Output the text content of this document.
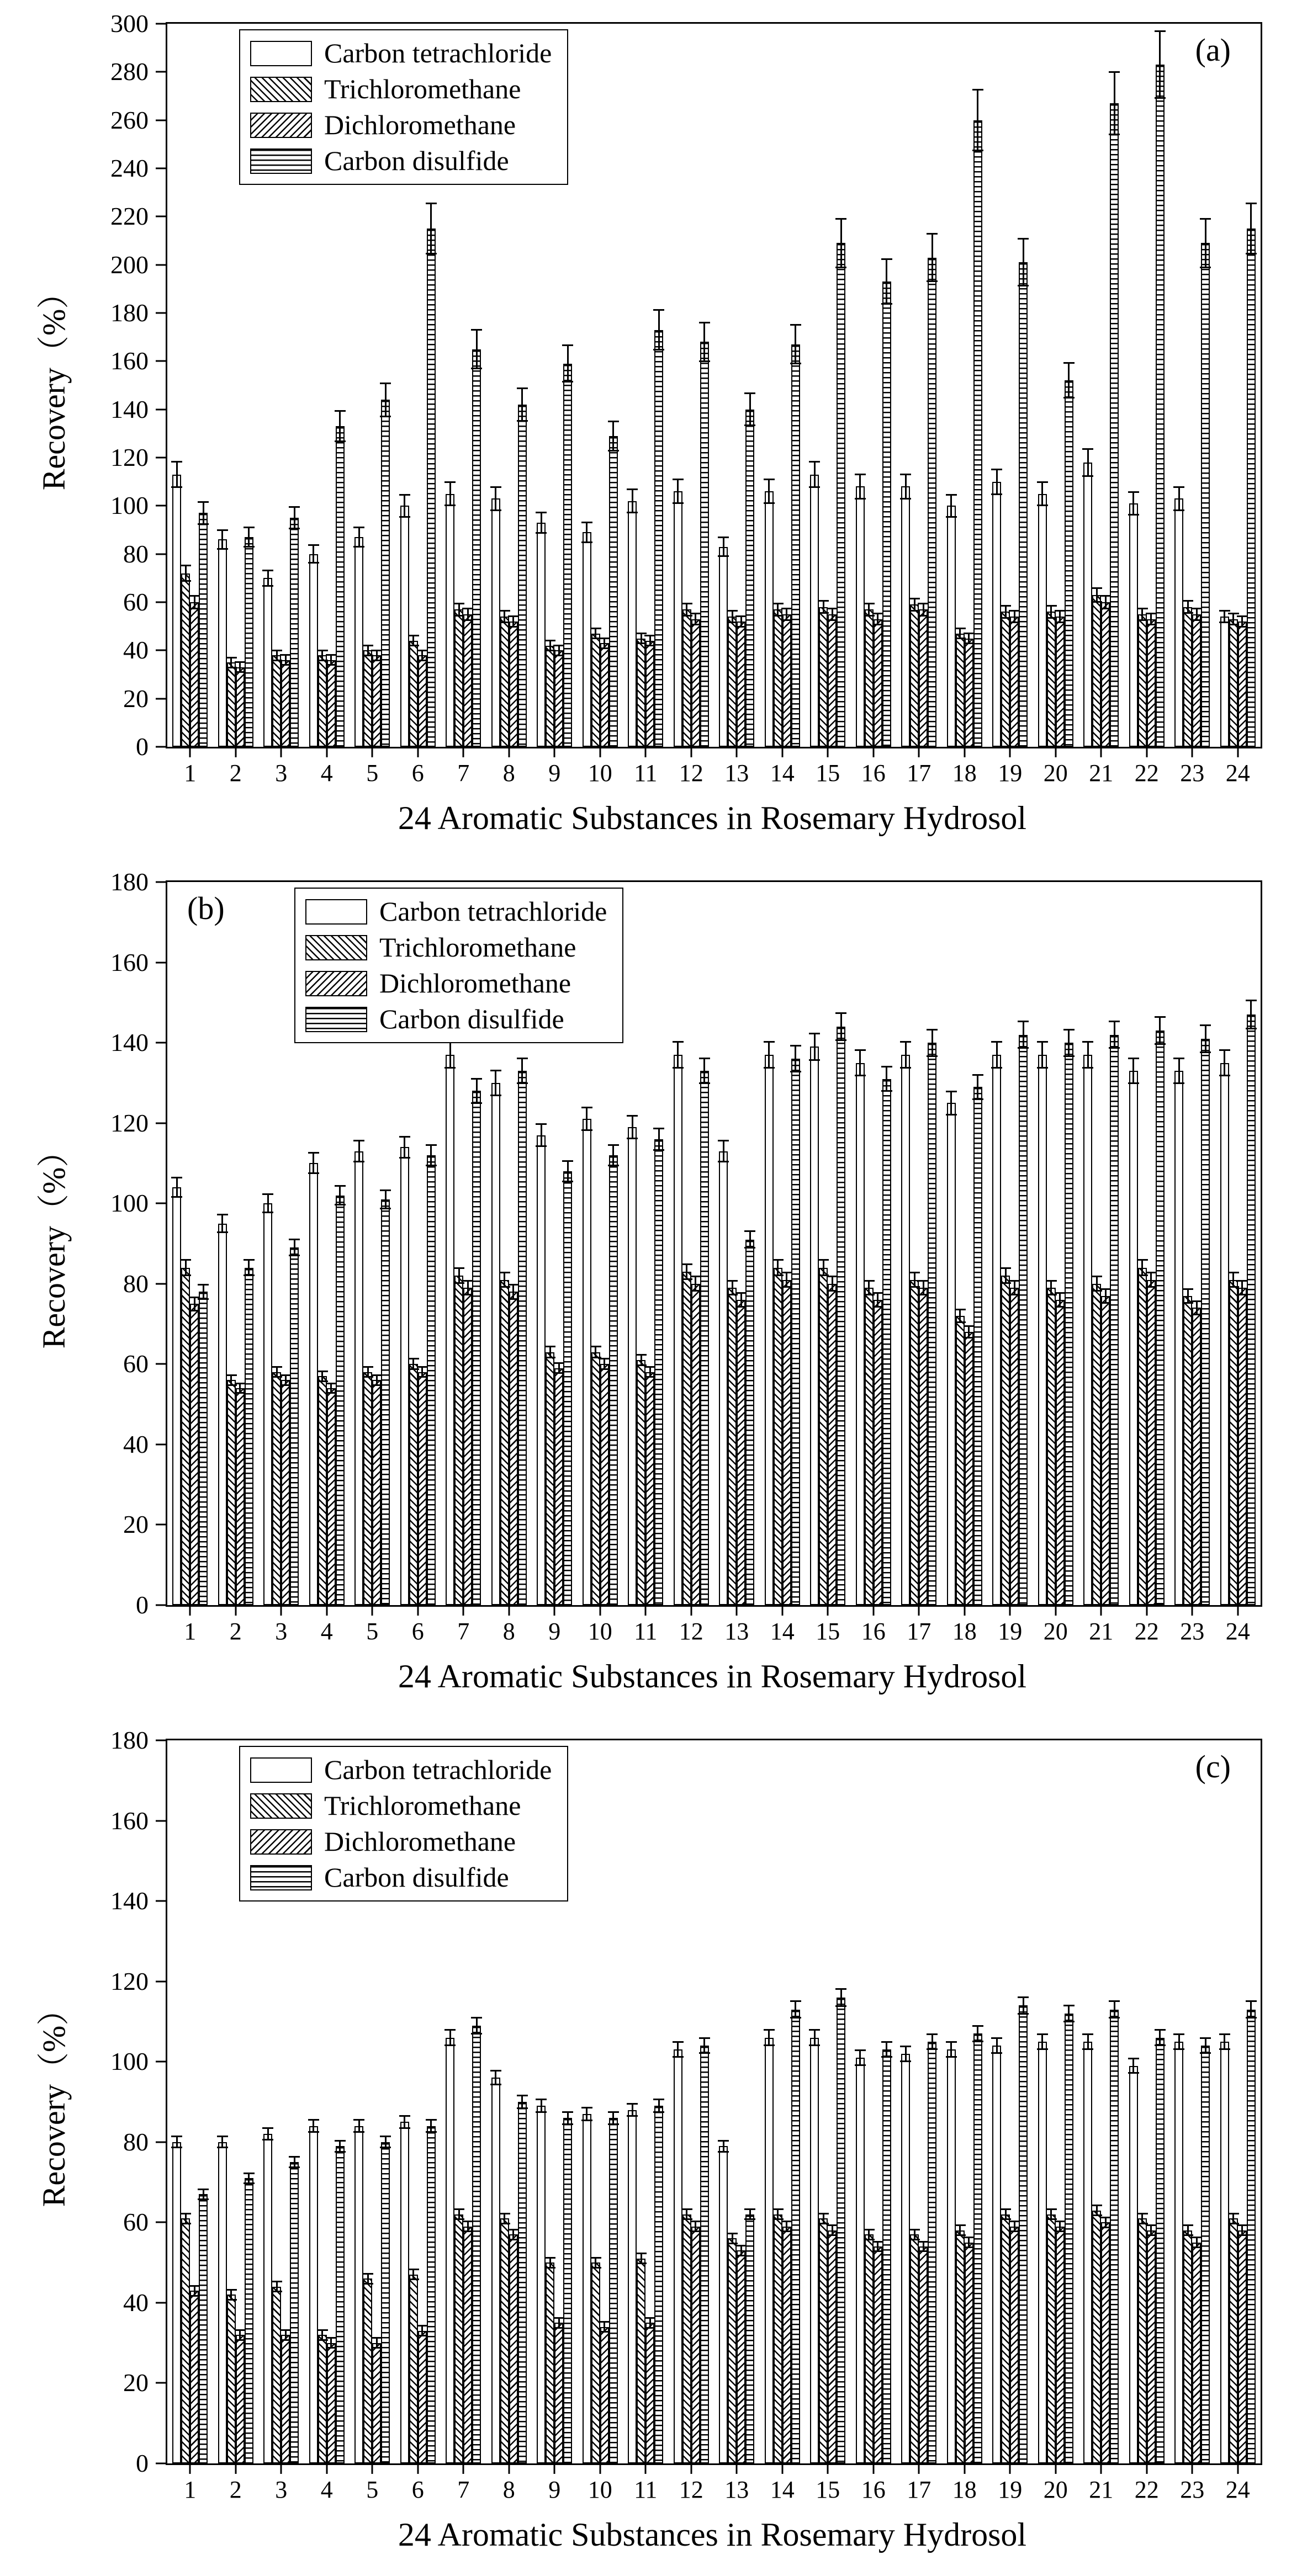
(a)
0
20
40
60
80
100
120
140
160
180
200
220
240
260
280
300
1 2 3 4 5 6 7 8 9 10 11 12 13 14 15 16 17 18 19 20 21 22 23 24
Carbon tetrachloride
Trichloromethane
Dichloromethane
Carbon disulfide
Recovery（%）
24 Aromatic Substances in Rosemary Hydrosol
(b)
0
20
40
60
80
100
120
140
160
180
1 2 3 4 5 6 7 8 9 10 11 12 13 14 15 16 17 18 19 20 21 22 23 24
Carbon tetrachloride
Trichloromethane
Dichloromethane
Carbon disulfide
Recovery（%）
24 Aromatic Substances in Rosemary Hydrosol
(c)
0
20
40
60
80
100
120
140
160
180
1 2 3 4 5 6 7 8 9 10 11 12 13 14 15 16 17 18 19 20 21 22 23 24
Carbon tetrachloride
Trichloromethane
Dichloromethane
Carbon disulfide
Recovery（%）
24 Aromatic Substances in Rosemary Hydrosol
